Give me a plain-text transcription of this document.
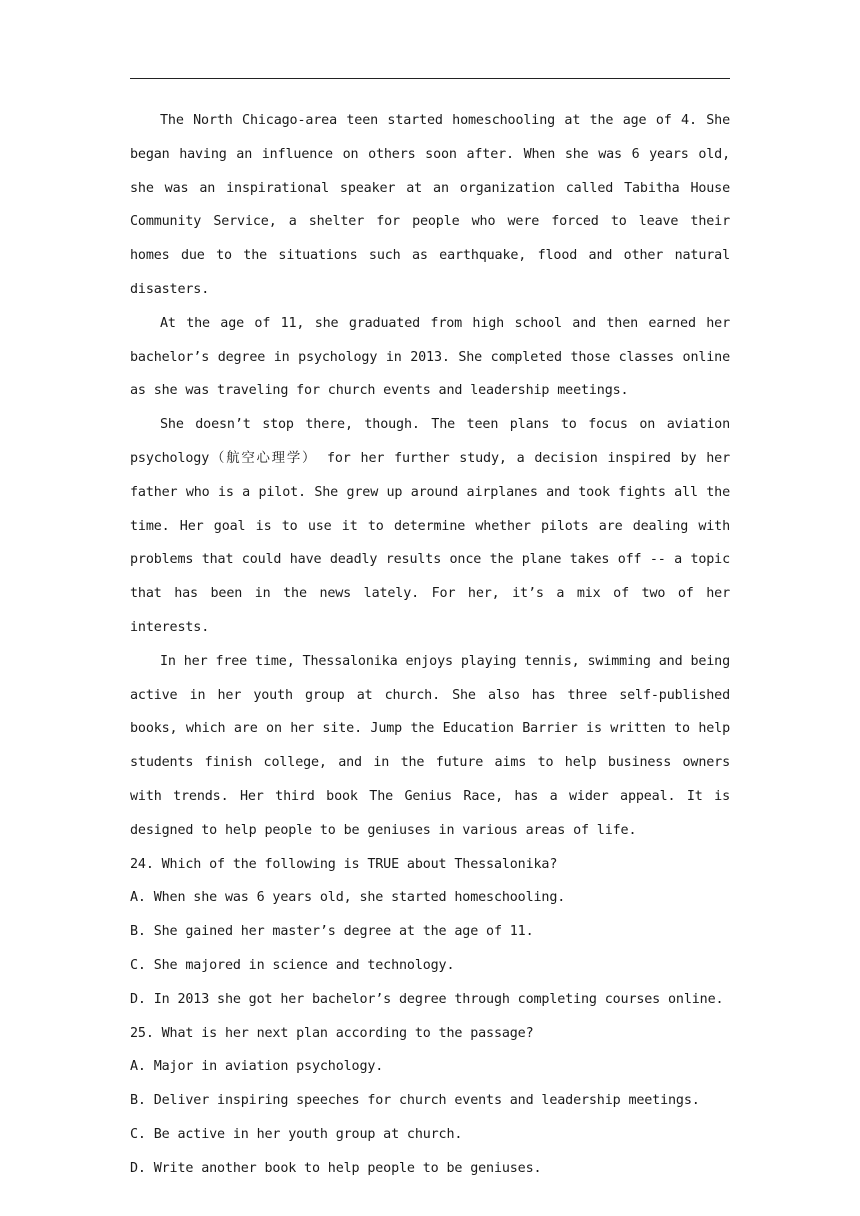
The North Chicago-area teen started homeschooling at the age of 4. She began having an influence on others soon after. When she was 6 years old, she was an inspirational speaker at an organization called Tabitha House Community Service, a shelter for people who were forced to leave their homes due to the situations such as earthquake, flood and other natural disasters.

At the age of 11, she graduated from high school and then earned her bachelor’s degree in psychology in 2013. She completed those classes online as she was traveling for church events and leadership meetings.

She doesn’t stop there, though. The teen plans to focus on aviation psychology（航空心理学） for her further study, a decision inspired by her father who is a pilot. She grew up around airplanes and took fights all the time. Her goal is to use it to determine whether pilots are dealing with problems that could have deadly results once the plane takes off -- a topic that has been in the news lately. For her, it’s a mix of two of her interests.

In her free time, Thessalonika enjoys playing tennis, swimming and being active in her youth group at church. She also has three self-published books, which are on her site. Jump the Education Barrier is written to help students finish college, and in the future aims to help business owners with trends. Her third book The Genius Race, has a wider appeal. It is designed to help people to be geniuses in various areas of life.

24. Which of the following is TRUE about Thessalonika?

A. When she was 6 years old, she started homeschooling.

B. She gained her master’s degree at the age of 11.

C. She majored in science and technology.

D. In 2013 she got her bachelor’s degree through completing courses online.

25. What is her next plan according to the passage?

A. Major in aviation psychology.

B. Deliver inspiring speeches for church events and leadership meetings.

C. Be active in her youth group at church.

D. Write another book to help people to be geniuses.
